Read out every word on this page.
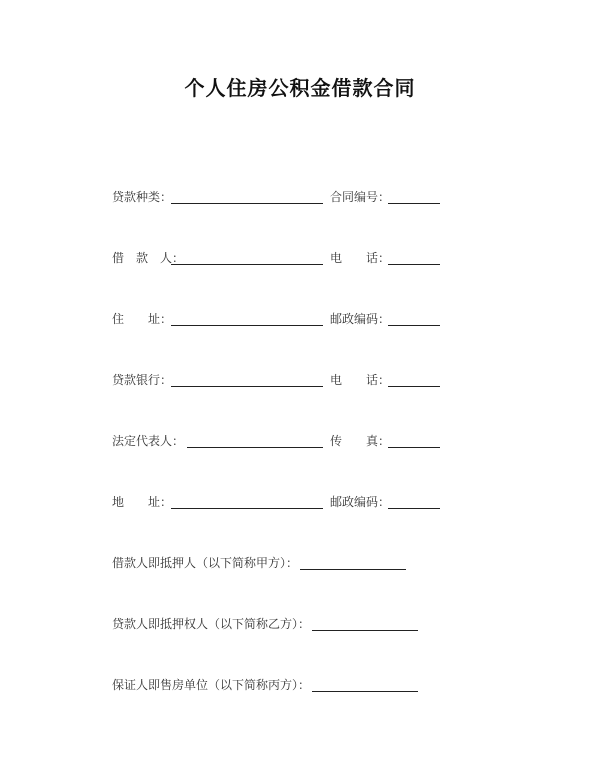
个人住房公积金借款合同
贷款种类：	合同编号：
借　款　人：	电　　话：
住　　址：	邮政编码：
贷款银行：	电　　话：
法定代表人：	传　　真：
地　　址：	邮政编码：
借款人即抵押人（以下简称甲方）：
贷款人即抵押权人（以下简称乙方）：
保证人即售房单位（以下简称丙方）：
